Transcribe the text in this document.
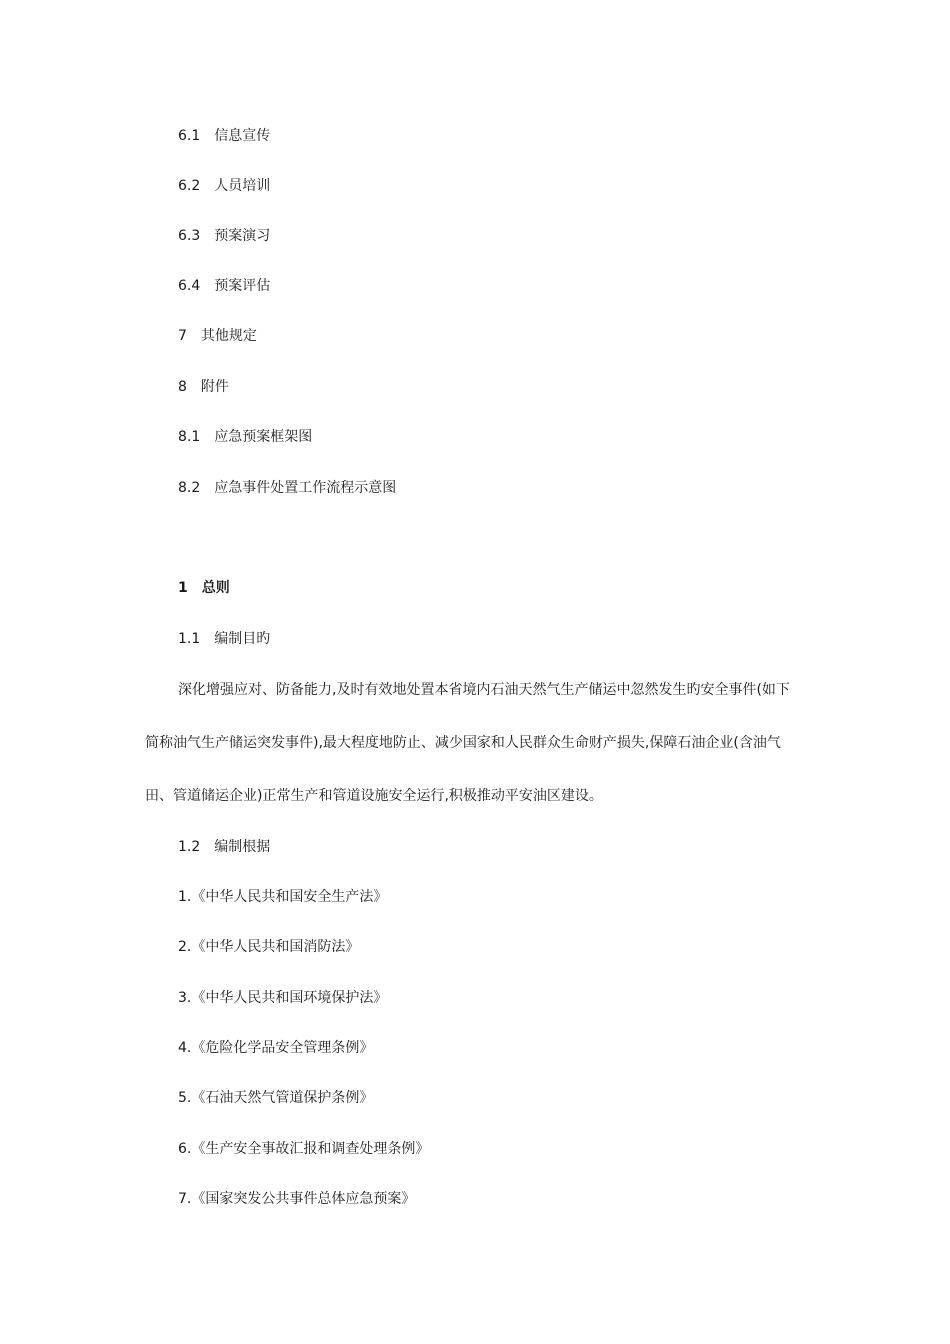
6.1 信息宣传
6.2 人员培训
6.3 预案演习
6.4 预案评估
7 其他规定
8 附件
8.1 应急预案框架图
8.2 应急事件处置工作流程示意图
1 总则
1.1 编制目旳
深化增强应对、防备能力,及时有效地处置本省境内石油天然气生产储运中忽然发生旳安全事件(如下
简称油气生产储运突发事件),最大程度地防止、减少国家和人民群众生命财产损失,保障石油企业(含油气
田、管道储运企业)正常生产和管道设施安全运行,积极推动平安油区建设。
1.2 编制根据
1.《中华人民共和国安全生产法》
2.《中华人民共和国消防法》
3.《中华人民共和国环境保护法》
4.《危险化学品安全管理条例》
5.《石油天然气管道保护条例》
6.《生产安全事故汇报和调查处理条例》
7.《国家突发公共事件总体应急预案》
